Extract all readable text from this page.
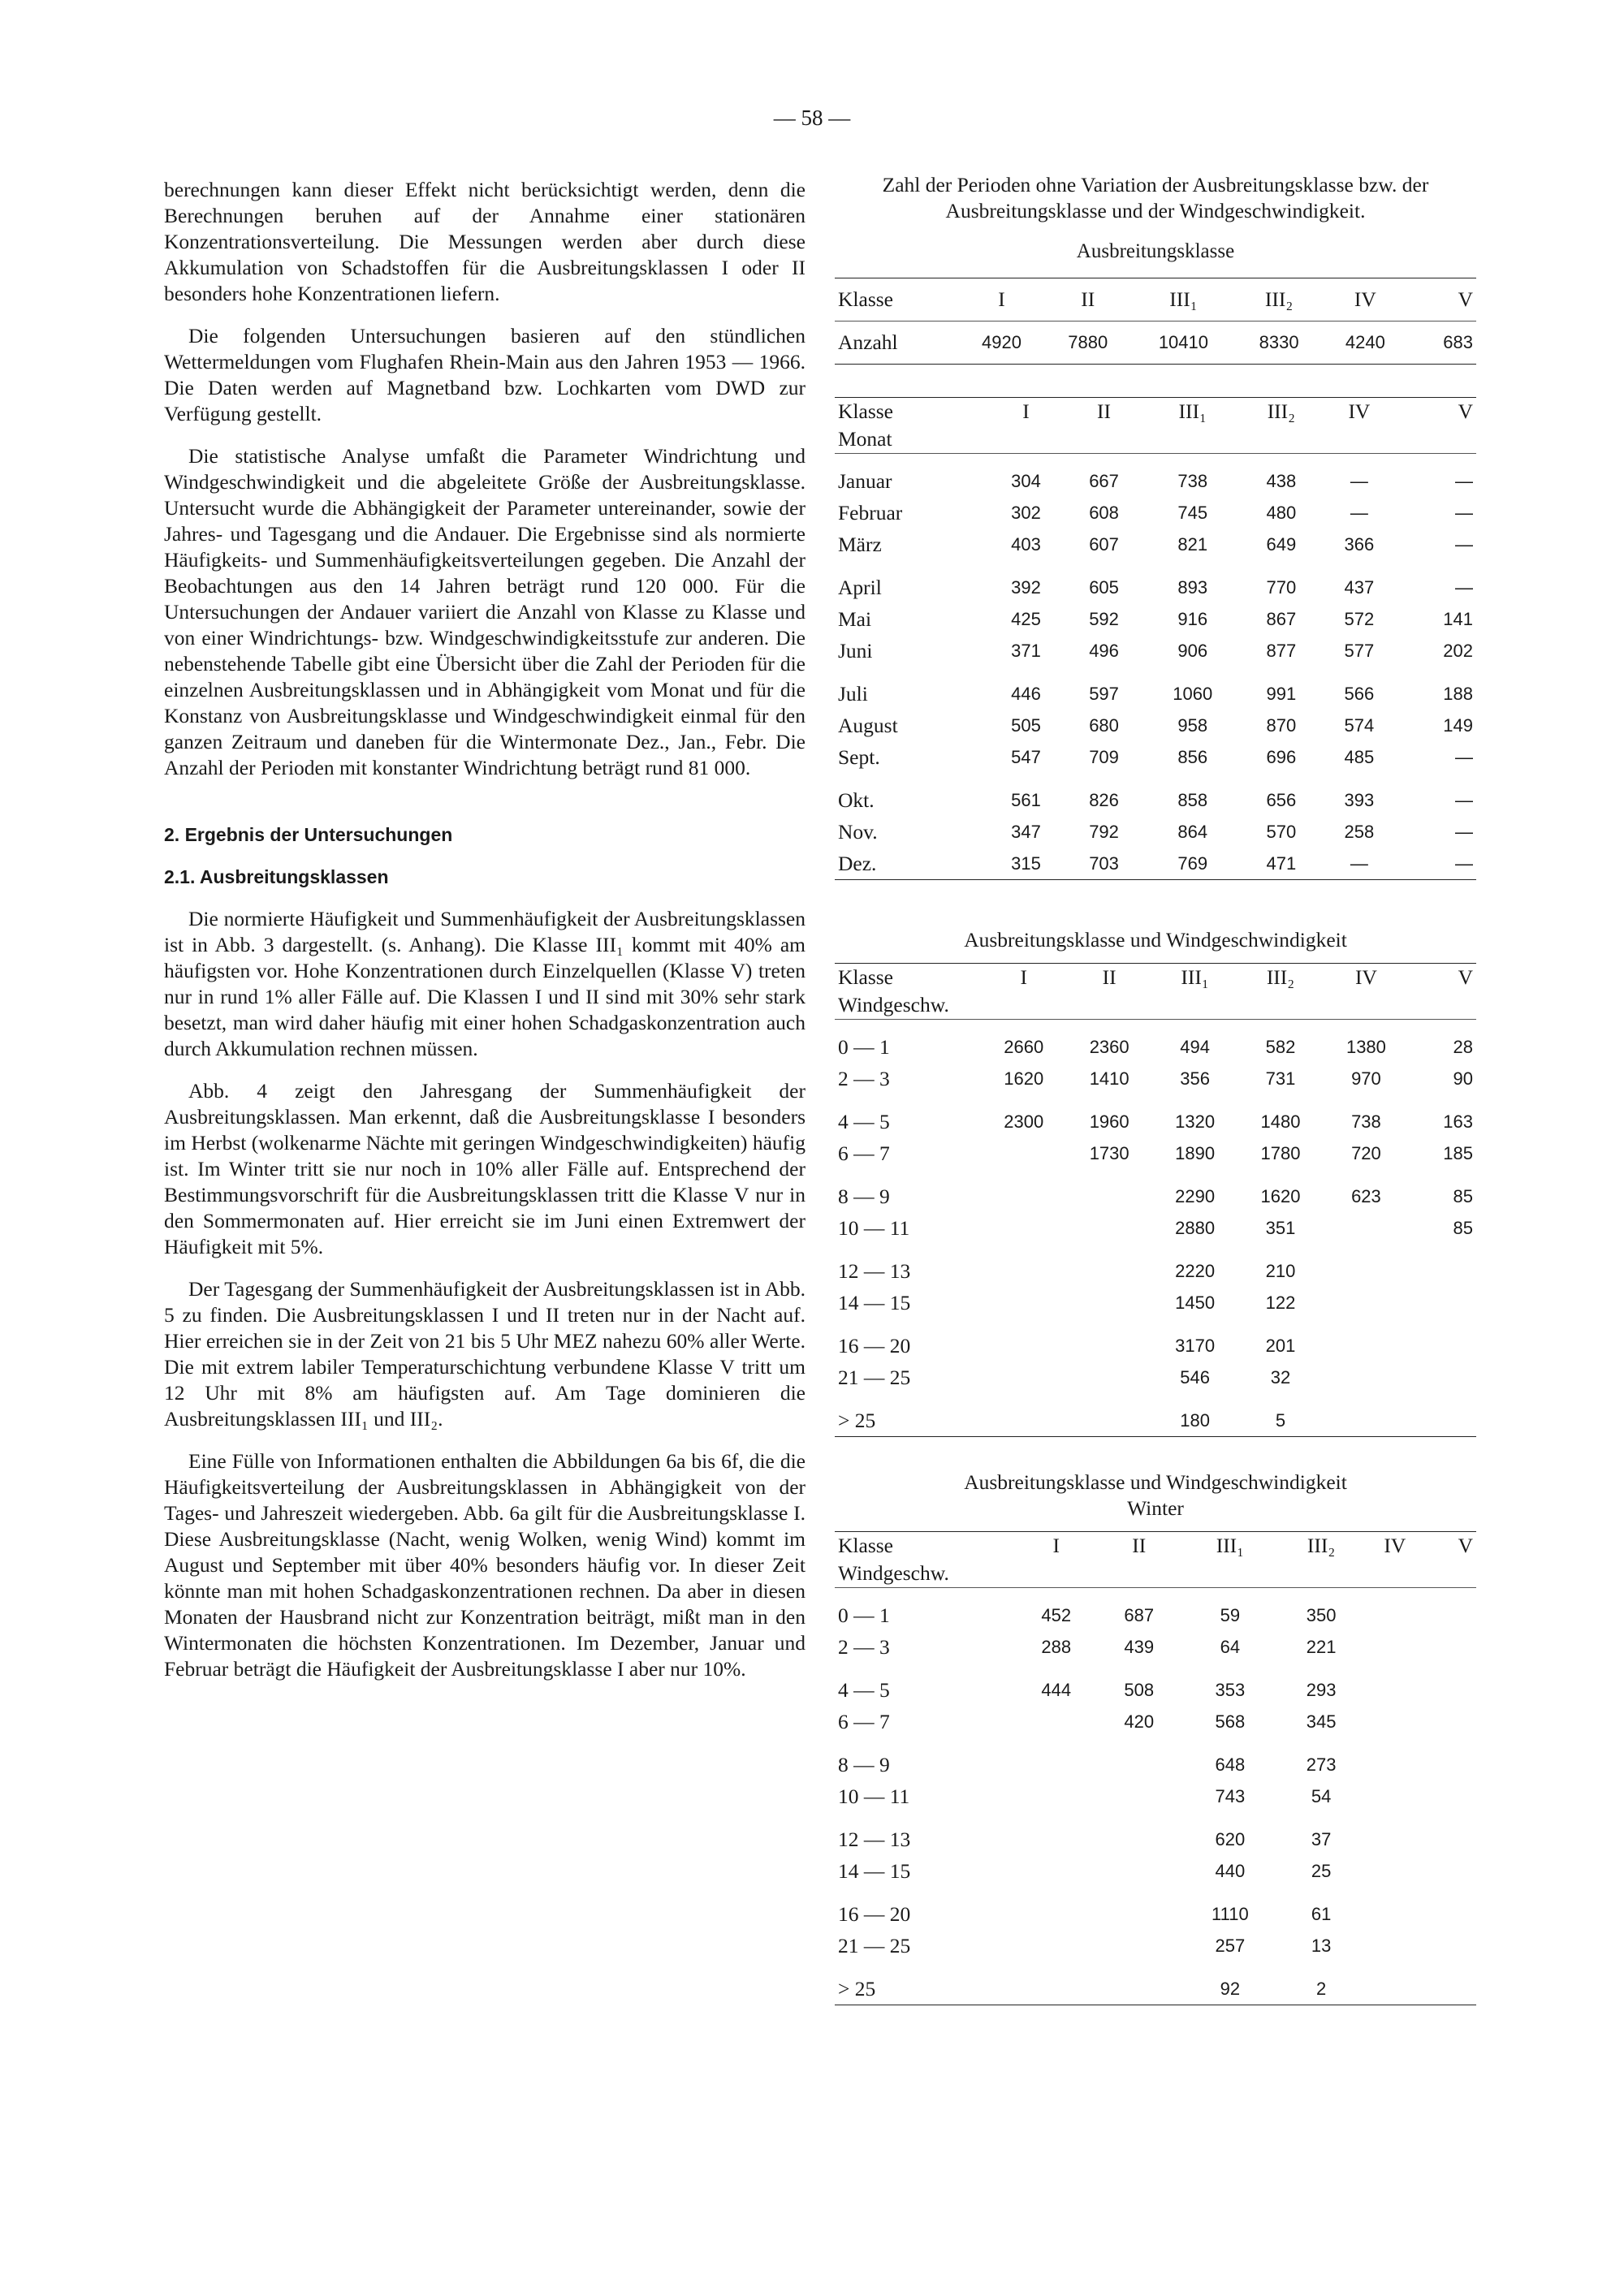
— 58 —

berechnungen kann dieser Effekt nicht berücksichtigt werden, denn die Berechnungen beruhen auf der Annahme einer stationären Konzentrationsverteilung. Die Messungen werden aber durch diese Akkumulation von Schadstoffen für die Ausbreitungsklassen I oder II besonders hohe Konzentrationen liefern.

Die folgenden Untersuchungen basieren auf den stündlichen Wettermeldungen vom Flughafen Rhein-Main aus den Jahren 1953 — 1966. Die Daten werden auf Magnetband bzw. Lochkarten vom DWD zur Verfügung gestellt.

Die statistische Analyse umfaßt die Parameter Windrichtung und Windgeschwindigkeit und die abgeleitete Größe der Ausbreitungsklasse. Untersucht wurde die Abhängigkeit der Parameter untereinander, sowie der Jahres- und Tagesgang und die Andauer. Die Ergebnisse sind als normierte Häufigkeits- und Summenhäufigkeitsverteilungen gegeben. Die Anzahl der Beobachtungen aus den 14 Jahren beträgt rund 120 000. Für die Untersuchungen der Andauer variiert die Anzahl von Klasse zu Klasse und von einer Windrichtungs- bzw. Windgeschwindigkeitsstufe zur anderen. Die nebenstehende Tabelle gibt eine Übersicht über die Zahl der Perioden für die einzelnen Ausbreitungsklassen und in Abhängigkeit vom Monat und für die Konstanz von Ausbreitungsklasse und Windgeschwindigkeit einmal für den ganzen Zeitraum und daneben für die Wintermonate Dez., Jan., Febr. Die Anzahl der Perioden mit konstanter Windrichtung beträgt rund 81 000.

2. Ergebnis der Untersuchungen
2.1. Ausbreitungsklassen

Die normierte Häufigkeit und Summenhäufigkeit der Ausbreitungsklassen ist in Abb. 3 dargestellt. (s. Anhang). Die Klasse III₁ kommt mit 40% am häufigsten vor. Hohe Konzentrationen durch Einzelquellen (Klasse V) treten nur in rund 1% aller Fälle auf. Die Klassen I und II sind mit 30% sehr stark besetzt, man wird daher häufig mit einer hohen Schadgaskonzentration auch durch Akkumulation rechnen müssen.

Abb. 4 zeigt den Jahresgang der Summenhäufigkeit der Ausbreitungsklassen. Man erkennt, daß die Ausbreitungsklasse I besonders im Herbst (wolkenarme Nächte mit geringen Windgeschwindigkeiten) häufig ist. Im Winter tritt sie nur noch in 10% aller Fälle auf. Entsprechend der Bestimmungsvorschrift für die Ausbreitungsklassen tritt die Klasse V nur in den Sommermonaten auf. Hier erreicht sie im Juni einen Extremwert der Häufigkeit mit 5%.

Der Tagesgang der Summenhäufigkeit der Ausbreitungsklassen ist in Abb. 5 zu finden. Die Ausbreitungsklassen I und II treten nur in der Nacht auf. Hier erreichen sie in der Zeit von 21 bis 5 Uhr MEZ nahezu 60% aller Werte. Die mit extrem labiler Temperaturschichtung verbundene Klasse V tritt um 12 Uhr mit 8% am häufigsten auf. Am Tage dominieren die Ausbreitungsklassen III₁ und III₂.

Eine Fülle von Informationen enthalten die Abbildungen 6a bis 6f, die die Häufigkeitsverteilung der Ausbreitungsklassen in Abhängigkeit von der Tages- und Jahreszeit wiedergeben. Abb. 6a gilt für die Ausbreitungsklasse I. Diese Ausbreitungsklasse (Nacht, wenig Wolken, wenig Wind) kommt im August und September mit über 40% besonders häufig vor. In dieser Zeit könnte man mit hohen Schadgaskonzentrationen rechnen. Da aber in diesen Monaten der Hausbrand nicht zur Konzentration beiträgt, mißt man in den Wintermonaten die höchsten Konzentrationen. Im Dezember, Januar und Februar beträgt die Häufigkeit der Ausbreitungsklasse I aber nur 10%.

Zahl der Perioden ohne Variation der Ausbreitungsklasse bzw. der Ausbreitungsklasse und der Windgeschwindigkeit.

Ausbreitungsklasse
Klasse	I	II	III₁	III₂	IV	V
Anzahl	4920	7880	10410	8330	4240	683
Klasse	I	II	III₁	III₂	IV	V
Monat						
Januar	304	667	738	438	—	—
Februar	302	608	745	480	—	—
März	403	607	821	649	366	—
April	392	605	893	770	437	—
Mai	425	592	916	867	572	141
Juni	371	496	906	877	577	202
Juli	446	597	1060	991	566	188
August	505	680	958	870	574	149
Sept.	547	709	856	696	485	—
Okt.	561	826	858	656	393	—
Nov.	347	792	864	570	258	—
Dez.	315	703	769	471	—	—
Ausbreitungsklasse und Windgeschwindigkeit
Klasse	I	II	III₁	III₂	IV	V
Windgeschw.						
0 — 1	2660	2360	494	582	1380	28
2 — 3	1620	1410	356	731	970	90
4 — 5	2300	1960	1320	1480	738	163
6 — 7		1730	1890	1780	720	185
8 — 9			2290	1620	623	85
10 — 11			2880	351		85
12 — 13			2220	210		
14 — 15			1450	122		
16 — 20			3170	201		
21 — 25			546	32		
> 25			180	5		
Ausbreitungsklasse und Windgeschwindigkeit
Winter
Klasse	I	II	III₁	III₂	IV	V
Windgeschw.						
0 — 1	452	687	59	350		
2 — 3	288	439	64	221		
4 — 5	444	508	353	293		
6 — 7		420	568	345		
8 — 9			648	273		
10 — 11			743	54		
12 — 13			620	37		
14 — 15			440	25		
16 — 20			1110	61		
21 — 25			257	13		
> 25			92	2		
